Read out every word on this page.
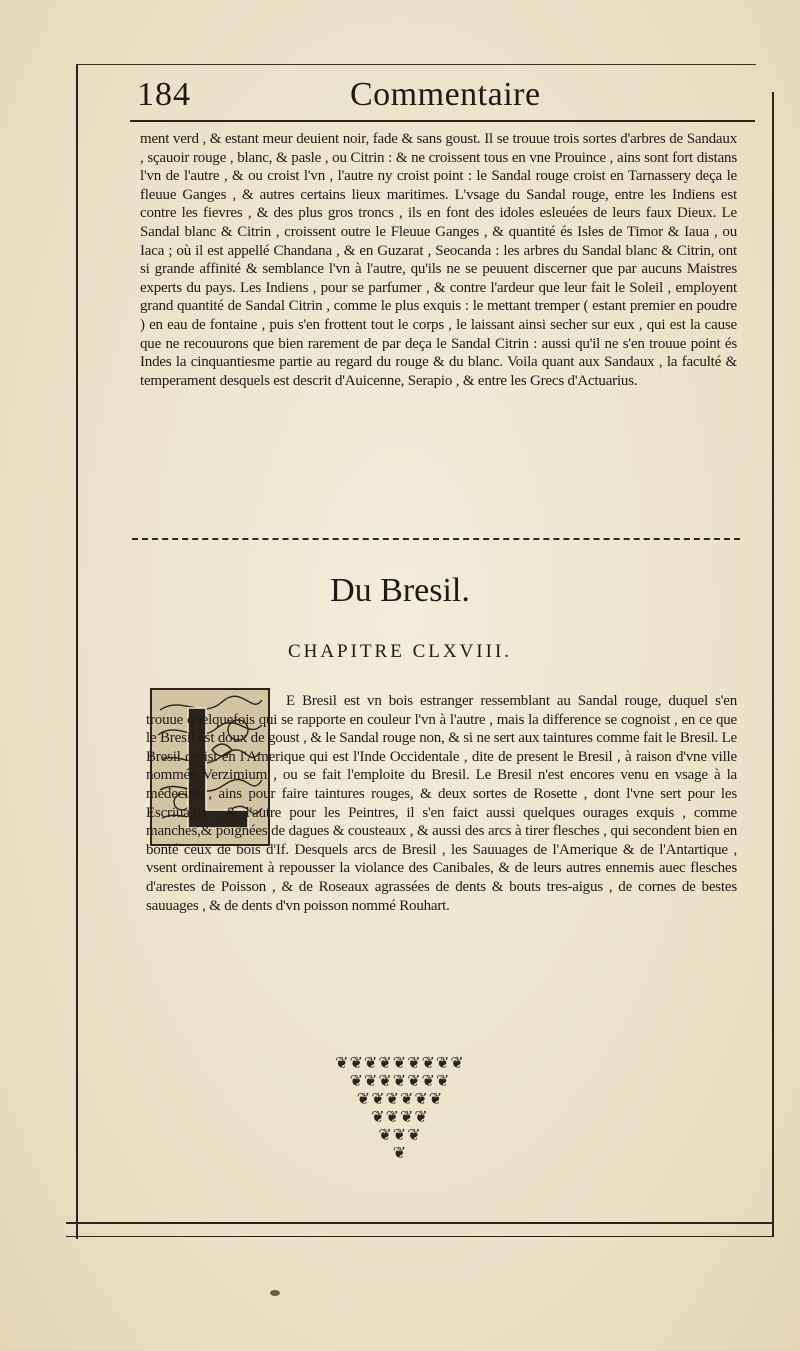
184	Commentaire

ment verd , & estant meur deuient noir, fade & sans goust. Il se trouue trois sortes d'arbres de Sandaux , sçauoir rouge , blanc, & pasle , ou Citrin : & ne croissent tous en vne Prouince , ains sont fort distans l'vn de l'autre , & ou croist l'vn , l'autre ny croist point : le Sandal rouge croist en Tarnassery deça le fleuue Ganges , & autres certains lieux maritimes. L'vsage du Sandal rouge, entre les Indiens est contre les fievres , & des plus gros troncs , ils en font des idoles esleuées de leurs faux Dieux. Le Sandal blanc & Citrin , croissent outre le Fleuue Ganges , & quantité és Isles de Timor & Iaua , ou Iaca ; où il est appellé Chandana , & en Guzarat , Seocanda : les arbres du Sandal blanc & Citrin, ont si grande affinité & semblance l'vn à l'autre, qu'ils ne se peuuent discerner que par aucuns Maistres experts du pays. Les Indiens , pour se parfumer , & contre l'ardeur que leur fait le Soleil , employent grand quantité de Sandal Citrin , comme le plus exquis : le mettant tremper ( estant premier en poudre ) en eau de fontaine , puis s'en frottent tout le corps , le laissant ainsi secher sur eux , qui est la cause que ne recouurons que bien rarement de par deça le Sandal Citrin : aussi qu'il ne s'en trouue point és Indes la cinquantiesme partie au regard du rouge & du blanc. Voila quant aux Sandaux , la faculté & temperament desquels est descrit d'Auicenne, Serapio , & entre les Grecs d'Actuarius.

Du Bresil.
CHAPITRE CLXVIII.

E Bresil est vn bois estranger ressemblant au Sandal rouge, duquel s'en trouue quelquefois qui se rapporte en couleur l'vn à l'autre , mais la difference se cognoist , en ce que le Bresil est doux de goust , & le Sandal rouge non, & si ne sert aux taintures comme fait le Bresil. Le Bresil croist en l'Amerique qui est l'Inde Occidentale , dite de present le Bresil , à raison d'vne ville nommée Verzimium , ou se fait l'emploite du Bresil. Le Bresil n'est encores venu en vsage à la medecine , ains pour faire taintures rouges, & deux sortes de Rosette , dont l'vne sert pour les Escriuains , & l'autre pour les Peintres, il s'en faict aussi quelques ourages exquis , comme manches,& poignées de dagues & cousteaux , & aussi des arcs à tirer flesches , qui secondent bien en bonté ceux de bois d'If. Desquels arcs de Bresil , les Sauuages de l'Amerique & de l'Antartique , vsent ordinairement à repousser la violance des Canibales, & de leurs autres ennemis auec flesches d'arestes de Poisson , & de Roseaux agrassées de dents & bouts tres-aigus , de cornes de bestes sauuages , & de dents d'vn poisson nommé Rouhart.

❦❦❦❦❦❦❦❦❦
❦❦❦❦❦❦❦
❦❦❦❦❦❦
❦❦❦❦
❦❦❦
❦
